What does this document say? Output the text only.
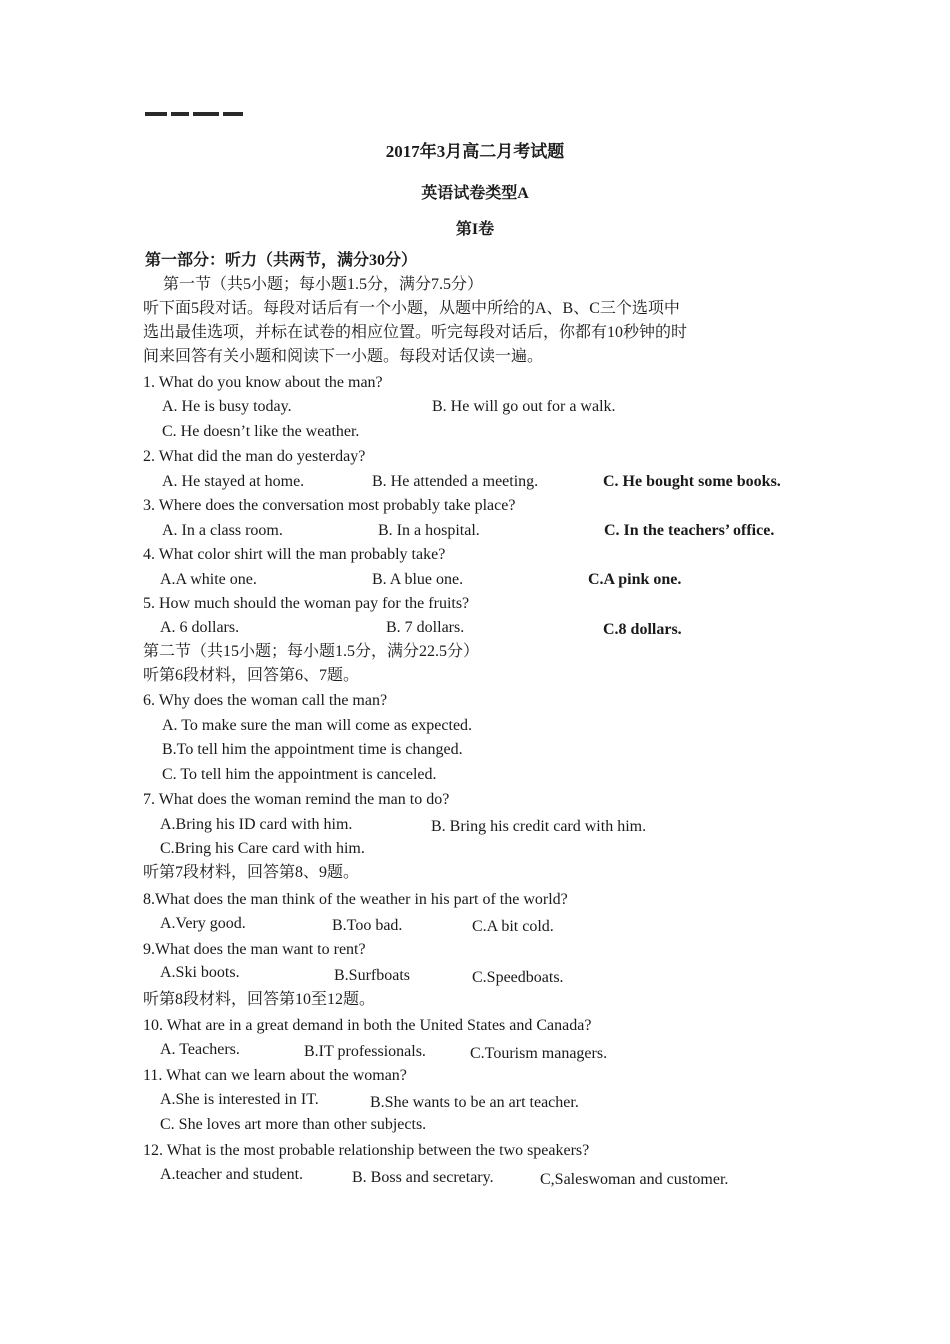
2017年3月高二月考试题
英语试卷类型A
第I卷
第一部分：听力（共两节，满分30分）
第一节（共5小题；每小题1.5分，满分7.5分）
听下面5段对话。每段对话后有一个小题，从题中所给的A、B、C三个选项中
选出最佳选项，并标在试卷的相应位置。听完每段对话后，你都有10秒钟的时
间来回答有关小题和阅读下一小题。每段对话仅读一遍。
1. What do you know about the man?
A. He is busy today.	B. He will go out for a walk.
C. He doesn’t like the weather.
2. What did the man do yesterday?
A. He stayed at home.	B. He attended a meeting.	C. He bought some books.
3. Where does the conversation most probably take place?
A. In a class room.	B. In a hospital.	C. In the teachers’ office.
4. What color shirt will the man probably take?
A.A white one.	B. A blue one.	C.A pink one.
5. How much should the woman pay for the fruits?
A. 6 dollars.	B. 7 dollars.	C.8 dollars.
第二节（共15小题；每小题1.5分，满分22.5分）
听第6段材料，回答第6、7题。
6. Why does the woman call the man?
A. To make sure the man will come as expected.
B.To tell him the appointment time is changed.
C. To tell him the appointment is canceled.
7. What does the woman remind the man to do?
A.Bring his ID card with him.	B. Bring his credit card with him.
C.Bring his Care card with him.
听第7段材料，回答第8、9题。
8.What does the man think of the weather in his part of the world?
A.Very good.	B.Too bad.	C.A bit cold.
9.What does the man want to rent?
A.Ski boots.	B.Surfboats	C.Speedboats.
听第8段材料，回答第10至12题。
10. What are in a great demand in both the United States and Canada?
A. Teachers.	B.IT professionals.	C.Tourism managers.
11. What can we learn about the woman?
A.She is interested in IT.	B.She wants to be an art teacher.
C. She loves art more than other subjects.
12. What is the most probable relationship between the two speakers?
A.teacher and student.	B. Boss and secretary.	C,Saleswoman and customer.
